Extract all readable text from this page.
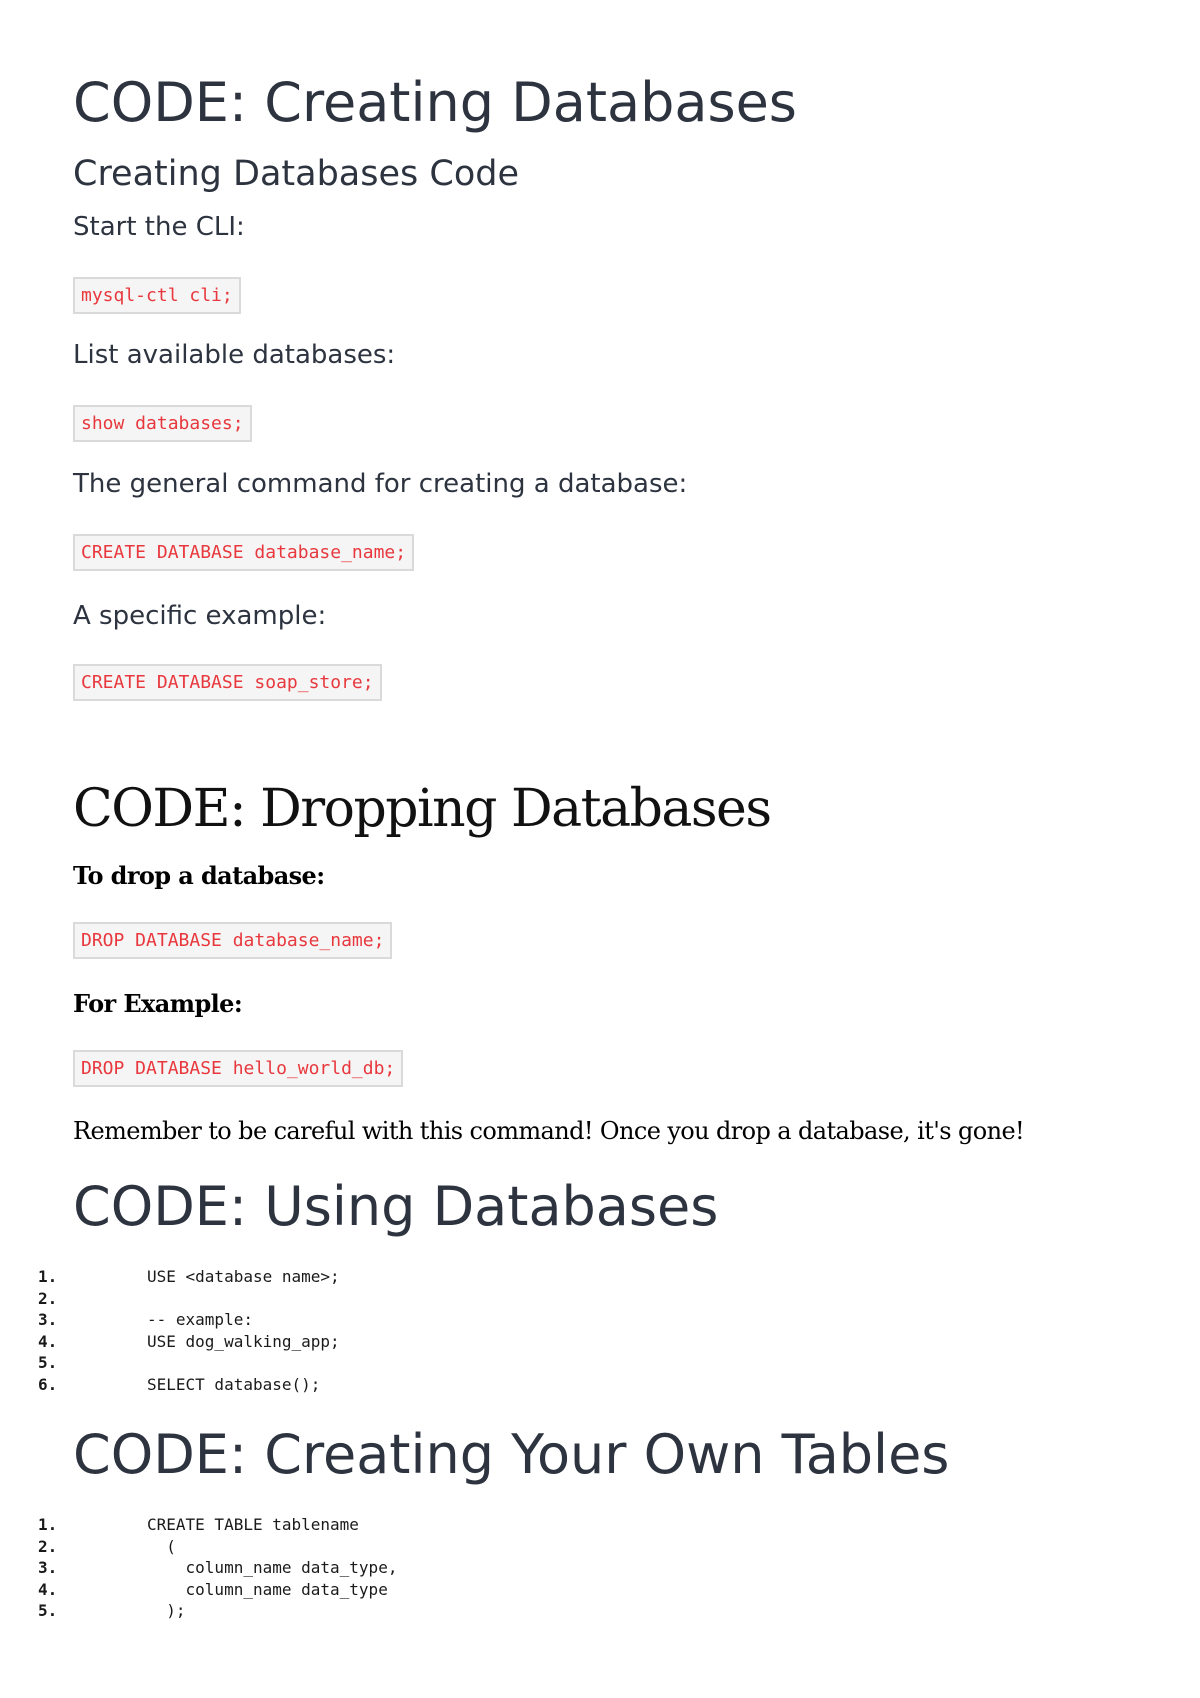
CODE: Creating Databases
Creating Databases Code
Start the CLI:
mysql-ctl cli;
List available databases:
show databases;
The general command for creating a database:
CREATE DATABASE database_name;
A specific example:
CREATE DATABASE soap_store;
CODE: Dropping Databases
To drop a database:
DROP DATABASE database_name;
For Example:
DROP DATABASE hello_world_db;
Remember to be careful with this command! Once you drop a database, it's gone!
CODE: Using Databases
1.	USE <database name>;
2.
3.	-- example:
4.	USE dog_walking_app;
5.
6.	SELECT database();
CODE: Creating Your Own Tables
1.	CREATE TABLE tablename
2.	(
3.	column_name data_type,
4.	column_name data_type
5.	);
